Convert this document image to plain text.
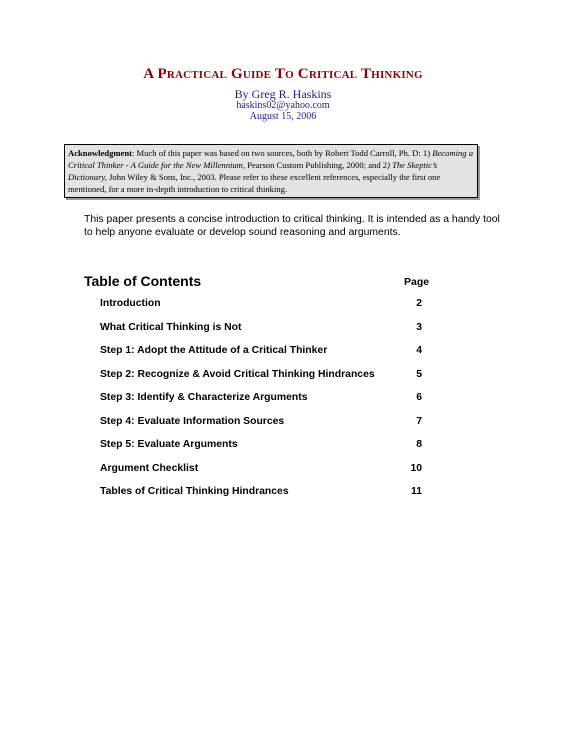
A Practical Guide To Critical Thinking
By Greg R. Haskins
haskins02@yahoo.com
August 15, 2006
Acknowledgment: Much of this paper was based on two sources, both by Robert Todd Carroll, Ph. D: 1) Becoming a Critical Thinker - A Guide for the New Millennium, Pearson Custom Publishing, 2000; and 2) The Skeptic’s Dictionary, John Wiley & Sons, Inc., 2003. Please refer to these excellent references, especially the first one mentioned, for a more in-depth introduction to critical thinking.
This paper presents a concise introduction to critical thinking. It is intended as a handy tool to help anyone evaluate or develop sound reasoning and arguments.
Table of Contents	Page
Introduction	2
What Critical Thinking is Not	3
Step 1: Adopt the Attitude of a Critical Thinker	4
Step 2: Recognize & Avoid Critical Thinking Hindrances	5
Step 3: Identify & Characterize Arguments	6
Step 4: Evaluate Information Sources	7
Step 5: Evaluate Arguments	8
Argument Checklist	10
Tables of Critical Thinking Hindrances	11
